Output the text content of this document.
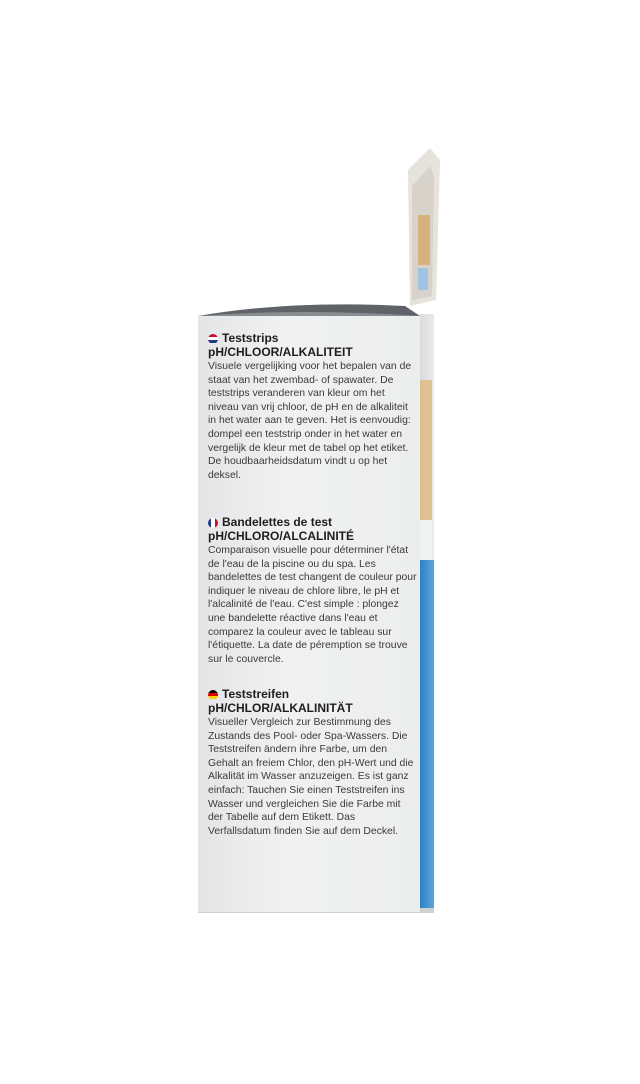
Teststrips
pH/CHLOOR/ALKALITEIT
Visuele vergelijking voor het bepalen van de staat van het zwembad- of spawater. De teststrips veranderen van kleur om het niveau van vrij chloor, de pH en de alkaliteit in het water aan te geven. Het is eenvoudig: dompel een teststrip onder in het water en vergelijk de kleur met de tabel op het etiket. De houdbaarheidsdatum vindt u op het deksel.
Bandelettes de test
pH/CHLORO/ALCALINITÉ
Comparaison visuelle pour déterminer l'état de l'eau de la piscine ou du spa. Les bandelettes de test changent de couleur pour indiquer le niveau de chlore libre, le pH et l'alcalinité de l'eau. C'est simple : plongez une bandelette réactive dans l'eau et comparez la couleur avec le tableau sur l'étiquette. La date de péremption se trouve sur le couvercle.
Teststreifen
pH/CHLOR/ALKALINITÄT
Visueller Vergleich zur Bestimmung des Zustands des Pool- oder Spa-Wassers. Die Teststreifen ändern ihre Farbe, um den Gehalt an freiem Chlor, den pH-Wert und die Alkalität im Wasser anzuzeigen. Es ist ganz einfach: Tauchen Sie einen Teststreifen ins Wasser und vergleichen Sie die Farbe mit der Tabelle auf dem Etikett. Das Verfallsdatum finden Sie auf dem Deckel.
